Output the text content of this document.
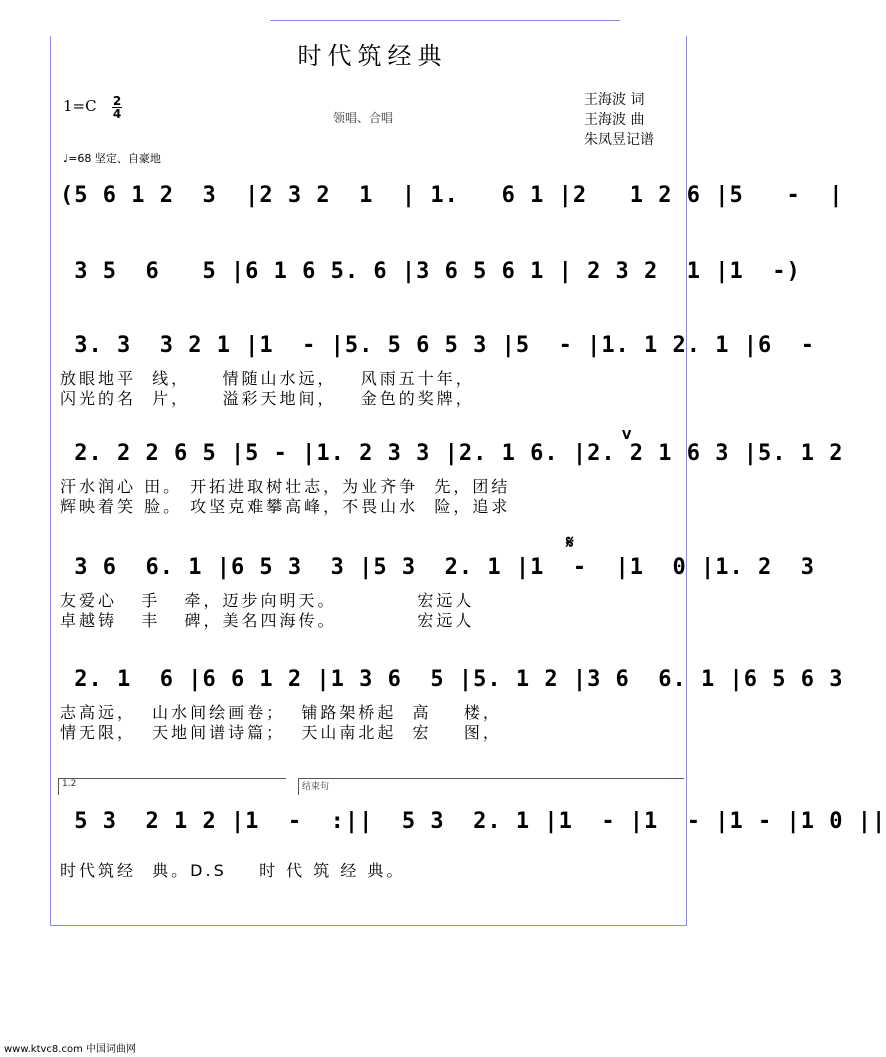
时代筑经典
1=C 2
4	领唱、合唱
王海波 词
王海波 曲
朱凤昱记谱
♩=68 坚定、自豪地
(5 6 1 2  3  |2 3 2  1  | 1.   6 1 |2   1 2 6 |5   -  |
3 5  6   5 |6 1 6 5. 6 |3 6 5 6 1 | 2 3 2  1 |1  -)
3. 3  3 2 1 |1  - |5. 5 6 5 3 |5  - |1. 1 2. 1 |6  -
放眼地平  线，    情随山水远，   风雨五十年，
闪光的名  片，    溢彩天地间，   金色的奖牌，
V
2. 2 2 6 5 |5 - |1. 2 3 3 |2. 1 6. |2. 2 1 6 3 |5. 1 2
汗水润心 田。 开拓进取树壮志，为业齐争  先，团结
辉映着笑 脸。 攻坚克难攀高峰，不畏山水  险，追求
𝄋
3 6  6. 1 |6 5 3  3 |5 3  2. 1 |1  -  |1  0 |1. 2  3
友爱心   手   牵，迈步向明天。          宏远人
卓越铸   丰   碑，美名四海传。          宏远人
2. 1  6 |6 6 1 2 |1 3 6  5 |5. 1 2 |3 6  6. 1 |6 5 6 3
志高远，  山水间绘画卷；  铺路架桥起  高    楼，
情无限，  天地间谱诗篇；  天山南北起  宏    图，
1.2	结束句
5 3  2 1 2 |1  -  :||  5 3  2. 1 |1  - |1  - |1 - |1 0 ||
时代筑经  典。D.S    时 代 筑 经 典。
www.ktvc8.com 中国词曲网
